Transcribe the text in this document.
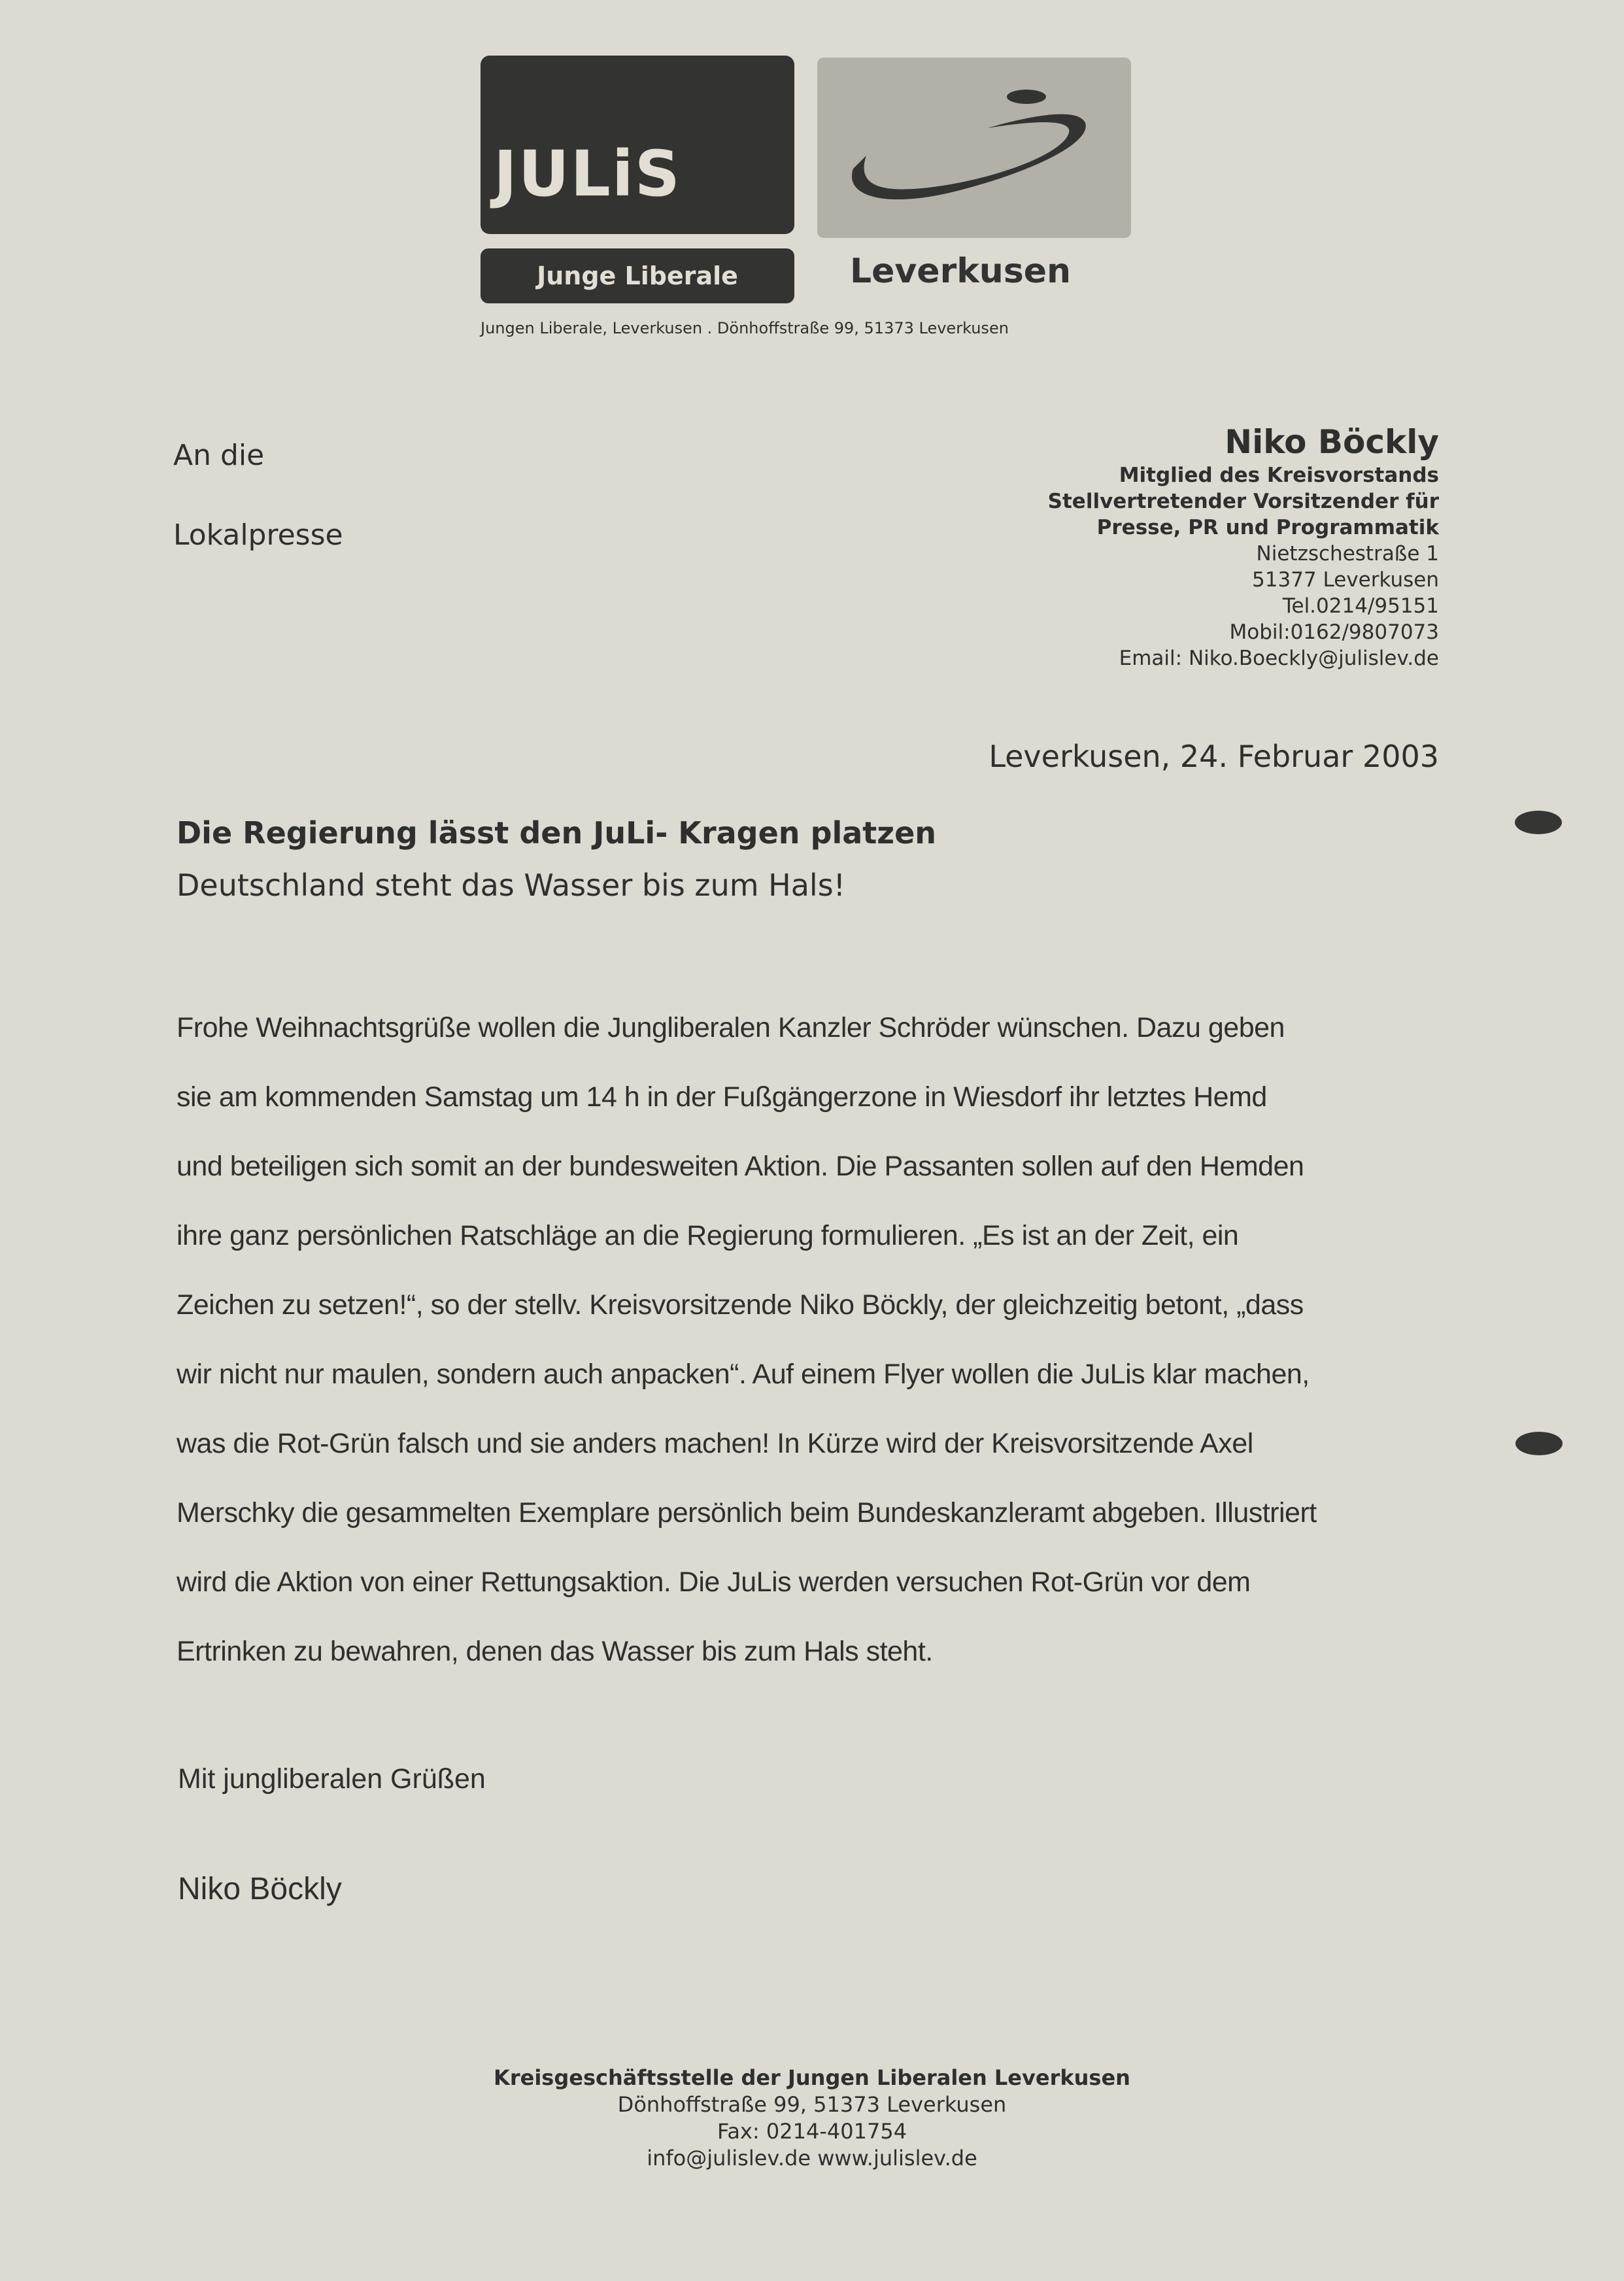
JULiS
Junge Liberale	Leverkusen
Jungen Liberale, Leverkusen . Dönhoffstraße 99, 51373 Leverkusen
An die
Lokalpresse
Niko Böckly
Mitglied des Kreisvorstands
Stellvertretender Vorsitzender für
Presse, PR und Programmatik
Nietzschestraße 1
51377 Leverkusen
Tel.0214/95151
Mobil:0162/9807073
Email: Niko.Boeckly@julislev.de
Leverkusen, 24. Februar 2003
Die Regierung lässt den JuLi- Kragen platzen
Deutschland steht das Wasser bis zum Hals!
Frohe Weihnachtsgrüße wollen die Jungliberalen Kanzler Schröder wünschen. Dazu geben
sie am kommenden Samstag um 14 h in der Fußgängerzone in Wiesdorf ihr letztes Hemd
und beteiligen sich somit an der bundesweiten Aktion. Die Passanten sollen auf den Hemden
ihre ganz persönlichen Ratschläge an die Regierung formulieren. „Es ist an der Zeit, ein
Zeichen zu setzen!“, so der stellv. Kreisvorsitzende Niko Böckly, der gleichzeitig betont, „dass
wir nicht nur maulen, sondern auch anpacken“. Auf einem Flyer wollen die JuLis klar machen,
was die Rot-Grün falsch und sie anders machen! In Kürze wird der Kreisvorsitzende Axel
Merschky die gesammelten Exemplare persönlich beim Bundeskanzleramt abgeben. Illustriert
wird die Aktion von einer Rettungsaktion. Die JuLis werden versuchen Rot-Grün vor dem
Ertrinken zu bewahren, denen das Wasser bis zum Hals steht.
Mit jungliberalen Grüßen
Niko Böckly
Kreisgeschäftsstelle der Jungen Liberalen Leverkusen
Dönhoffstraße 99, 51373 Leverkusen
Fax: 0214-401754
info@julislev.de www.julislev.de
